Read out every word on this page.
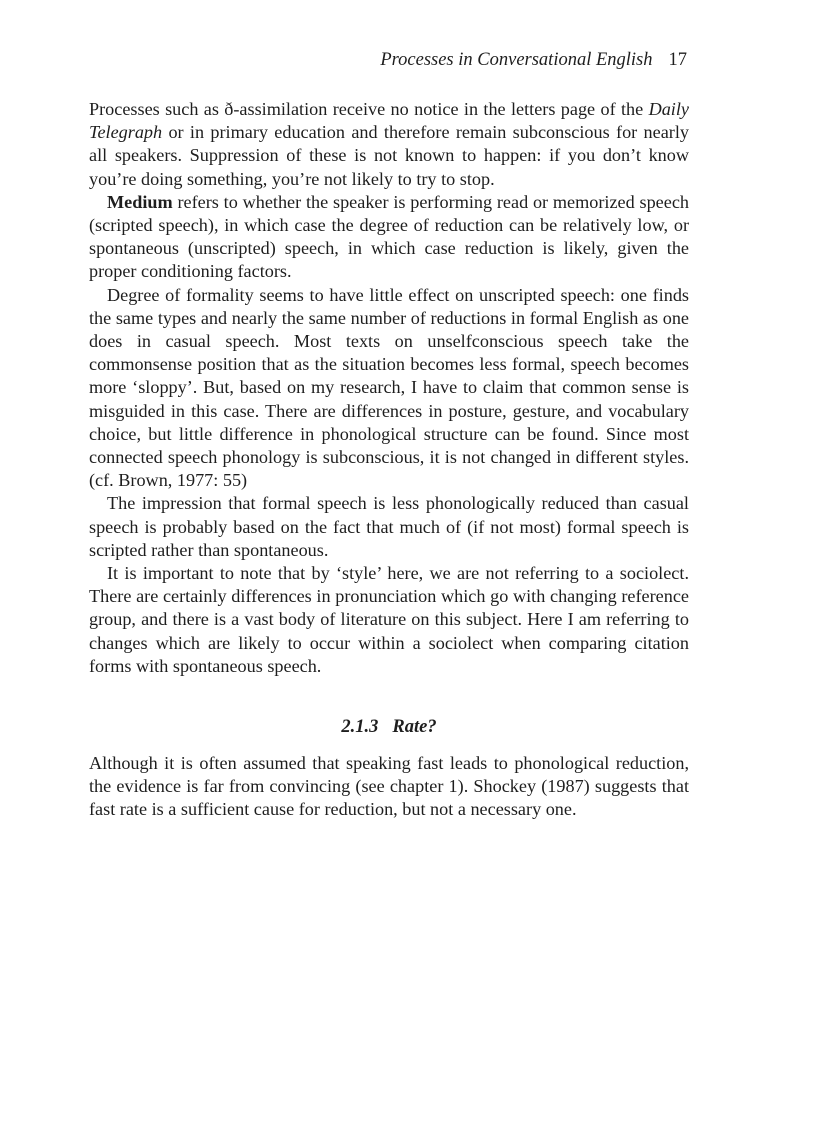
Processes in Conversational English 17

Processes such as ð-assimilation receive no notice in the letters page of the Daily Telegraph or in primary education and therefore remain subconscious for nearly all speakers. Suppression of these is not known to happen: if you don’t know you’re doing something, you’re not likely to try to stop.

Medium refers to whether the speaker is performing read or memorized speech (scripted speech), in which case the degree of reduction can be relatively low, or spontaneous (unscripted) speech, in which case reduction is likely, given the proper conditioning factors.

Degree of formality seems to have little effect on unscripted speech: one finds the same types and nearly the same number of reductions in formal English as one does in casual speech. Most texts on unselfconscious speech take the commonsense position that as the situation becomes less formal, speech becomes more ‘sloppy’. But, based on my research, I have to claim that common sense is misguided in this case. There are differences in posture, gesture, and vocabulary choice, but little difference in phonological structure can be found. Since most connected speech phonology is subconscious, it is not changed in different styles. (cf. Brown, 1977: 55)

The impression that formal speech is less phonologically reduced than casual speech is probably based on the fact that much of (if not most) formal speech is scripted rather than spontaneous.

It is important to note that by ‘style’ here, we are not referring to a sociolect. There are certainly differences in pronunciation which go with changing reference group, and there is a vast body of literature on this subject. Here I am referring to changes which are likely to occur within a sociolect when comparing citation forms with spontaneous speech.

2.1.3 Rate?

Although it is often assumed that speaking fast leads to phonological reduction, the evidence is far from convincing (see chapter 1). Shockey (1987) suggests that fast rate is a sufficient cause for reduction, but not a necessary one.
